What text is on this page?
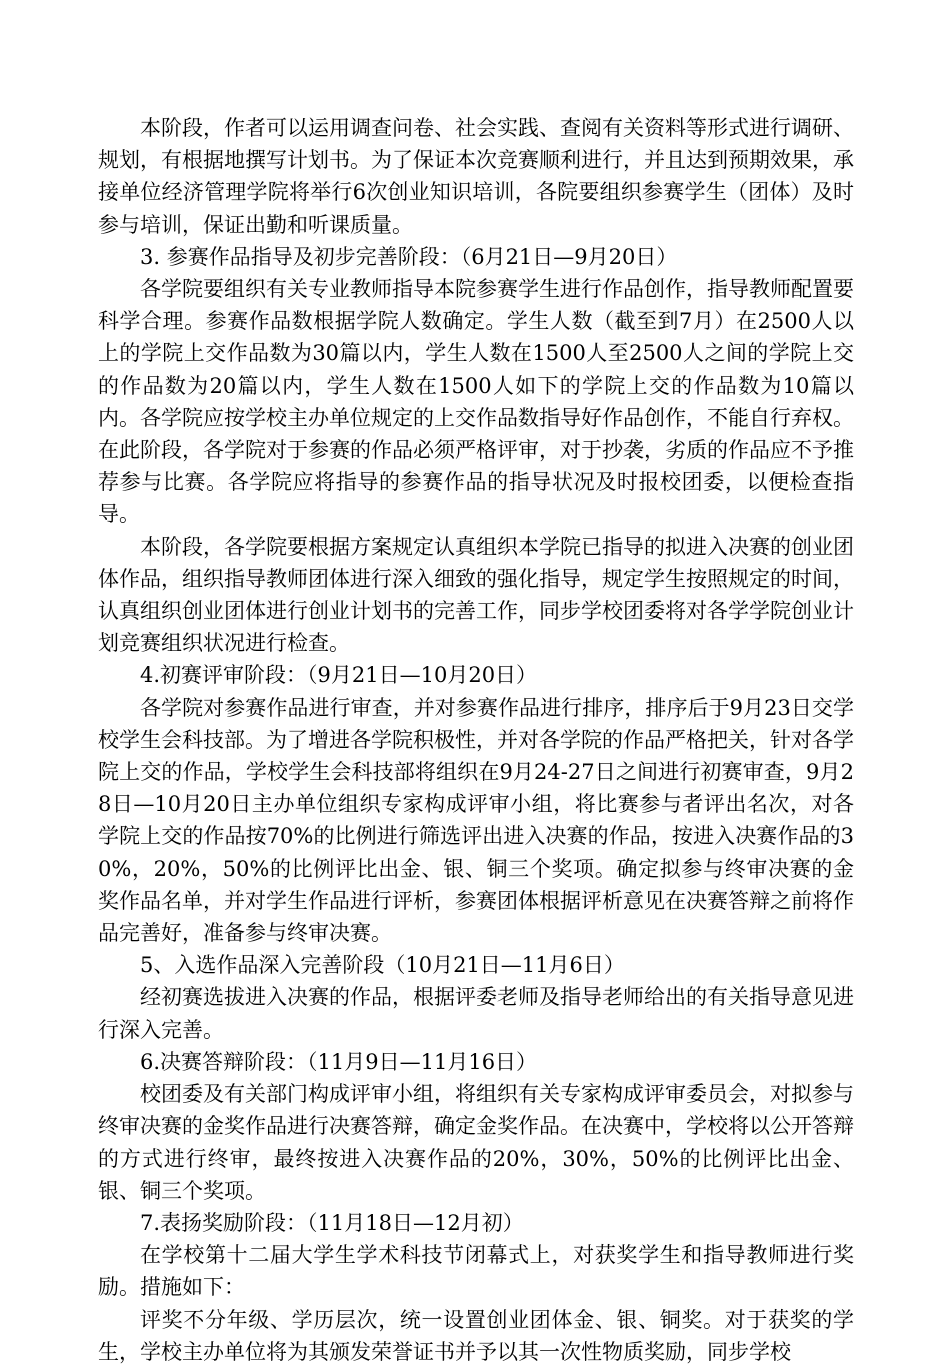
本阶段，作者可以运用调查问卷、社会实践、查阅有关资料等形式进行调研、规划，有根据地撰写计划书。为了保证本次竞赛顺利进行，并且达到预期效果，承接单位经济管理学院将举行6次创业知识培训，各院要组织参赛学生（团体）及时参与培训，保证出勤和听课质量。

3. 参赛作品指导及初步完善阶段：（6月21日—9月20日）

各学院要组织有关专业教师指导本院参赛学生进行作品创作，指导教师配置要科学合理。参赛作品数根据学院人数确定。学生人数（截至到7月）在2500人以上的学院上交作品数为30篇以内，学生人数在1500人至2500人之间的学院上交的作品数为20篇以内，学生人数在1500人如下的学院上交的作品数为10篇以内。各学院应按学校主办单位规定的上交作品数指导好作品创作，不能自行弃权。在此阶段，各学院对于参赛的作品必须严格评审，对于抄袭，劣质的作品应不予推荐参与比赛。各学院应将指导的参赛作品的指导状况及时报校团委，以便检查指导。

本阶段，各学院要根据方案规定认真组织本学院已指导的拟进入决赛的创业团体作品，组织指导教师团体进行深入细致的强化指导，规定学生按照规定的时间，认真组织创业团体进行创业计划书的完善工作，同步学校团委将对各学学院创业计划竞赛组织状况进行检查。

4.初赛评审阶段：（9月21日—10月20日）

各学院对参赛作品进行审查，并对参赛作品进行排序，排序后于9月23日交学校学生会科技部。为了增进各学院积极性，并对各学院的作品严格把关，针对各学院上交的作品，学校学生会科技部将组织在9月24-27日之间进行初赛审查，9月28日—10月20日主办单位组织专家构成评审小组，将比赛参与者评出名次，对各学院上交的作品按70%的比例进行筛选评出进入决赛的作品，按进入决赛作品的30%，20%，50%的比例评比出金、银、铜三个奖项。确定拟参与终审决赛的金奖作品名单，并对学生作品进行评析，参赛团体根据评析意见在决赛答辩之前将作品完善好，准备参与终审决赛。

5、入选作品深入完善阶段（10月21日—11月6日）

经初赛选拔进入决赛的作品，根据评委老师及指导老师给出的有关指导意见进行深入完善。

6.决赛答辩阶段：（11月9日—11月16日）

校团委及有关部门构成评审小组，将组织有关专家构成评审委员会，对拟参与终审决赛的金奖作品进行决赛答辩，确定金奖作品。在决赛中，学校将以公开答辩的方式进行终审，最终按进入决赛作品的20%，30%，50%的比例评比出金、银、铜三个奖项。

7.表扬奖励阶段：（11月18日—12月初）

在学校第十二届大学生学术科技节闭幕式上，对获奖学生和指导教师进行奖励。措施如下：

评奖不分年级、学历层次，统一设置创业团体金、银、铜奖。对于获奖的学生，学校主办单位将为其颁发荣誉证书并予以其一次性物质奖励，同步学校
